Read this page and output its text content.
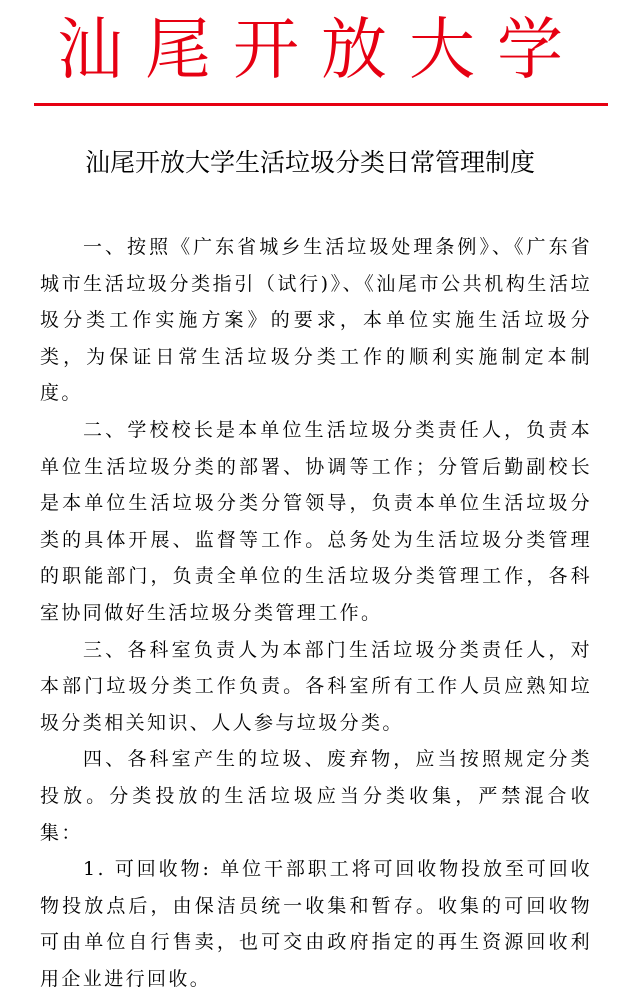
汕尾开放大学
汕尾开放大学生活垃圾分类日常管理制度

一、按照《广东省城乡生活垃圾处理条例》、《广东省城市生活垃圾分类指引（试行)》、《汕尾市公共机构生活垃圾分类工作实施方案》的要求，本单位实施生活垃圾分类，为保证日常生活垃圾分类工作的顺利实施制定本制度。

二、学校校长是本单位生活垃圾分类责任人，负责本单位生活垃圾分类的部署、协调等工作；分管后勤副校长是本单位生活垃圾分类分管领导，负责本单位生活垃圾分类的具体开展、监督等工作。总务处为生活垃圾分类管理的职能部门，负责全单位的生活垃圾分类管理工作，各科室协同做好生活垃圾分类管理工作。

三、各科室负责人为本部门生活垃圾分类责任人，对本部门垃圾分类工作负责。各科室所有工作人员应熟知垃圾分类相关知识、人人参与垃圾分类。

四、各科室产生的垃圾、废弃物，应当按照规定分类投放。分类投放的生活垃圾应当分类收集，严禁混合收集：

1. 可回收物: 单位干部职工将可回收物投放至可回收物投放点后，由保洁员统一收集和暂存。收集的可回收物可由单位自行售卖，也可交由政府指定的再生资源回收利用企业进行回收。
